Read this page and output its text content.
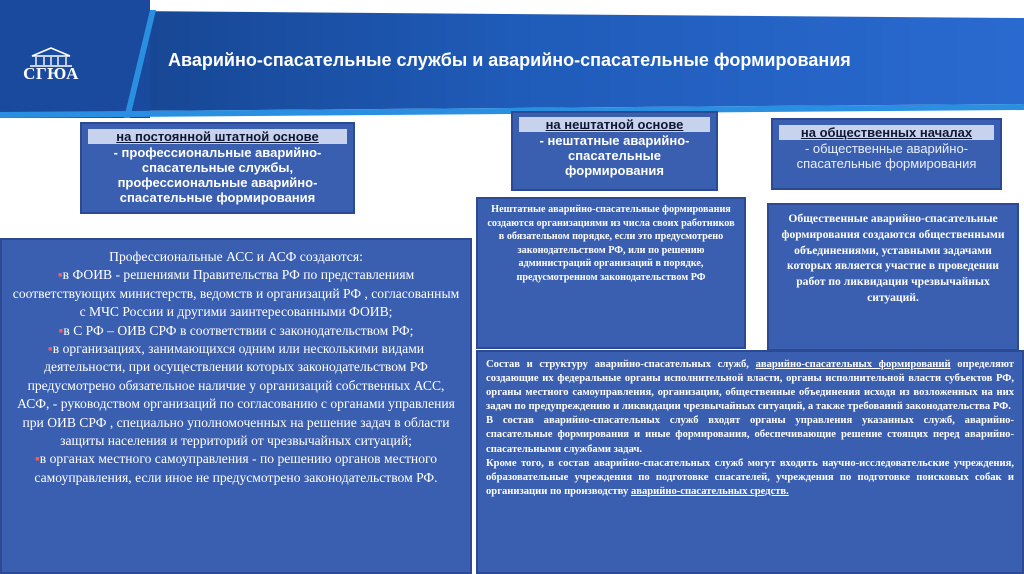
СГЮА
Аварийно-спасательные службы и аварийно-спасательные формирования
на постоянной штатной основе

- профессиональные аварийно-спасательные службы, профессиональные аварийно-спасательные формирования

на нештатной основе

- нештатные аварийно-спасательные формирования

на общественных началах

- общественные аварийно-спасательные формирования

Профессиональные АСС и АСФ создаются:

▪в ФОИВ - решениями Правительства РФ по представлениям соответствующих министерств, ведомств и организаций РФ , согласованным с МЧС России и другими заинтересованными ФОИВ;

▪в С РФ – ОИВ СРФ в соответствии с законодательством РФ;

▪в организациях, занимающихся одним или несколькими видами деятельности, при осуществлении которых законодательством РФ предусмотрено обязательное наличие у организаций собственных АСС, АСФ, - руководством организаций по согласованию с органами управления при ОИВ СРФ , специально уполномоченных на решение задач в области защиты населения и территорий от чрезвычайных ситуаций;

▪в органах местного самоуправления - по решению органов местного самоуправления, если иное не предусмотрено законодательством РФ.

Нештатные аварийно-спасательные формирования создаются организациями из числа своих работников в обязательном порядке, если это предусмотрено законодательством РФ, или по решению администраций организаций в порядке, предусмотренном законодательством РФ
Общественные аварийно-спасательные формирования создаются общественными объединениями, уставными задачами которых является участие в проведении работ по ликвидации чрезвычайных ситуаций.

Состав и структуру аварийно-спасательных служб, аварийно-спасательных формирований определяют создающие их федеральные органы исполнительной власти, органы исполнительной власти субъектов РФ, органы местного самоуправления, организации, общественные объединения исходя из возложенных на них задач по предупреждению и ликвидации чрезвычайных ситуаций, а также требований законодательства РФ.

В состав аварийно-спасательных служб входят органы управления указанных служб, аварийно-спасательные формирования и иные формирования, обеспечивающие решение стоящих перед аварийно-спасательными службами задач.

Кроме того, в состав аварийно-спасательных служб могут входить научно-исследовательские учреждения, образовательные учреждения по подготовке спасателей, учреждения по подготовке поисковых собак и организации по производству аварийно-спасательных средств.
